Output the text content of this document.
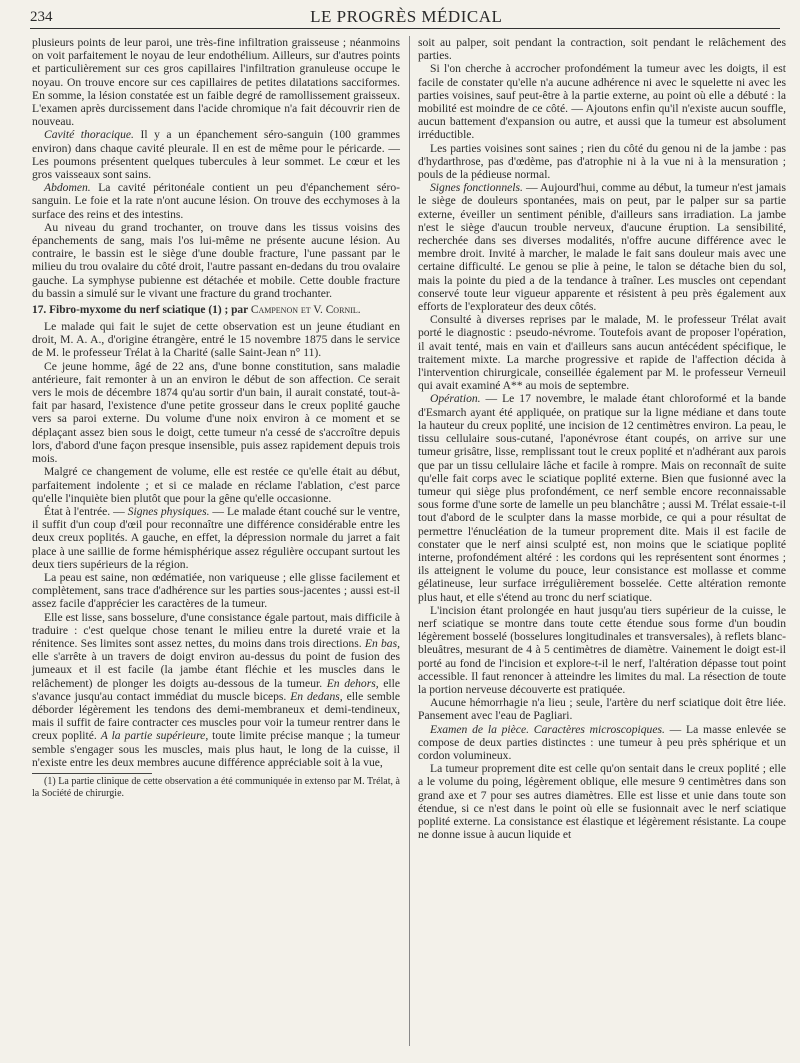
234	LE PROGRÈS MÉDICAL

plusieurs points de leur paroi, une très-fine infiltration graisseuse ; néanmoins on voit parfaitement le noyau de leur endothélium. Ailleurs, sur d'autres points et particulièrement sur ces gros capillaires l'infiltration granuleuse occupe le noyau. On trouve encore sur ces capillaires de petites dilatations sacciformes. En somme, la lésion constatée est un faible degré de ramollissement graisseux. L'examen après durcissement dans l'acide chromique n'a fait découvrir rien de nouveau.

Cavité thoracique. Il y a un épanchement séro-sanguin (100 grammes environ) dans chaque cavité pleurale. Il en est de même pour le péricarde. — Les poumons présentent quelques tubercules à leur sommet. Le cœur et les gros vaisseaux sont sains.

Abdomen. La cavité péritonéale contient un peu d'épanchement séro-sanguin. Le foie et la rate n'ont aucune lésion. On trouve des ecchymoses à la surface des reins et des intestins.

Au niveau du grand trochanter, on trouve dans les tissus voisins des épanchements de sang, mais l'os lui-même ne présente aucune lésion. Au contraire, le bassin est le siège d'une double fracture, l'une passant par le milieu du trou ovalaire du côté droit, l'autre passant en-dedans du trou ovalaire gauche. La symphyse pubienne est détachée et mobile. Cette double fracture du bassin a simulé sur le vivant une fracture du grand trochanter.

17. Fibro-myxome du nerf sciatique (1) ; par Campenon et V. Cornil.

Le malade qui fait le sujet de cette observation est un jeune étudiant en droit, M. A. A., d'origine étrangère, entré le 15 novembre 1875 dans le service de M. le professeur Trélat à la Charité (salle Saint-Jean n° 11).

Ce jeune homme, âgé de 22 ans, d'une bonne constitution, sans maladie antérieure, fait remonter à un an environ le début de son affection. Ce serait vers le mois de décembre 1874 qu'au sortir d'un bain, il aurait constaté, tout-à-fait par hasard, l'existence d'une petite grosseur dans le creux poplité gauche vers sa paroi externe. Du volume d'une noix environ à ce moment et se déplaçant assez bien sous le doigt, cette tumeur n'a cessé de s'accroître depuis lors, d'abord d'une façon presque insensible, puis assez rapidement depuis trois mois.

Malgré ce changement de volume, elle est restée ce qu'elle était au début, parfaitement indolente ; et si ce malade en réclame l'ablation, c'est parce qu'elle l'inquiète bien plutôt que pour la gêne qu'elle occasionne.

État à l'entrée. — Signes physiques. — Le malade étant couché sur le ventre, il suffit d'un coup d'œil pour reconnaître une différence considérable entre les deux creux poplités. A gauche, en effet, la dépression normale du jarret a fait place à une saillie de forme hémisphérique assez régulière occupant surtout les deux tiers supérieurs de la région.

La peau est saine, non œdématiée, non variqueuse ; elle glisse facilement et complètement, sans trace d'adhérence sur les parties sous-jacentes ; aussi est-il assez facile d'apprécier les caractères de la tumeur.

Elle est lisse, sans bosselure, d'une consistance égale partout, mais difficile à traduire : c'est quelque chose tenant le milieu entre la dureté vraie et la rénitence. Ses limites sont assez nettes, du moins dans trois directions. En bas, elle s'arrête à un travers de doigt environ au-dessus du point de fusion des jumeaux et il est facile (la jambe étant fléchie et les muscles dans le relâchement) de plonger les doigts au-dessous de la tumeur. En dehors, elle s'avance jusqu'au contact immédiat du muscle biceps. En dedans, elle semble déborder légèrement les tendons des demi-membraneux et demi-tendineux, mais il suffit de faire contracter ces muscles pour voir la tumeur rentrer dans le creux poplité. A la partie supérieure, toute limite précise manque ; la tumeur semble s'engager sous les muscles, mais plus haut, le long de la cuisse, il n'existe entre les deux membres aucune différence appréciable soit à la vue,

(1) La partie clinique de cette observation a été communiquée in extenso par M. Trélat, à la Société de chirurgie.

soit au palper, soit pendant la contraction, soit pendant le relâchement des parties.

Si l'on cherche à accrocher profondément la tumeur avec les doigts, il est facile de constater qu'elle n'a aucune adhérence ni avec le squelette ni avec les parties voisines, sauf peut-être à la partie externe, au point où elle a débuté : la mobilité est moindre de ce côté. — Ajoutons enfin qu'il n'existe aucun souffle, aucun battement d'expansion ou autre, et aussi que la tumeur est absolument irréductible.

Les parties voisines sont saines ; rien du côté du genou ni de la jambe : pas d'hydarthrose, pas d'œdème, pas d'atrophie ni à la vue ni à la mensuration ; pouls de la pédieuse normal.

Signes fonctionnels. — Aujourd'hui, comme au début, la tumeur n'est jamais le siège de douleurs spontanées, mais on peut, par le palper sur sa partie externe, éveiller un sentiment pénible, d'ailleurs sans irradiation. La jambe n'est le siège d'aucun trouble nerveux, d'aucune éruption. La sensibilité, recherchée dans ses diverses modalités, n'offre aucune différence avec le membre droit. Invité à marcher, le malade le fait sans douleur mais avec une certaine difficulté. Le genou se plie à peine, le talon se détache bien du sol, mais la pointe du pied a de la tendance à traîner. Les muscles ont cependant conservé toute leur vigueur apparente et résistent à peu près également aux efforts de l'explorateur des deux côtés.

Consulté à diverses reprises par le malade, M. le professeur Trélat avait porté le diagnostic : pseudo-névrome. Toutefois avant de proposer l'opération, il avait tenté, mais en vain et d'ailleurs sans aucun antécédent spécifique, le traitement mixte. La marche progressive et rapide de l'affection décida à l'intervention chirurgicale, conseillée également par M. le professeur Verneuil qui avait examiné A** au mois de septembre.

Opération. — Le 17 novembre, le malade étant chloroformé et la bande d'Esmarch ayant été appliquée, on pratique sur la ligne médiane et dans toute la hauteur du creux poplité, une incision de 12 centimètres environ. La peau, le tissu cellulaire sous-cutané, l'aponévrose étant coupés, on arrive sur une tumeur grisâtre, lisse, remplissant tout le creux poplité et n'adhérant aux parois que par un tissu cellulaire lâche et facile à rompre. Mais on reconnaît de suite qu'elle fait corps avec le sciatique poplité externe. Bien que fusionné avec la tumeur qui siège plus profondément, ce nerf semble encore reconnaissable sous forme d'une sorte de lamelle un peu blanchâtre ; aussi M. Trélat essaie-t-il tout d'abord de le sculpter dans la masse morbide, ce qui a pour résultat de permettre l'énucléation de la tumeur proprement dite. Mais il est facile de constater que le nerf ainsi sculpté est, non moins que le sciatique poplité interne, profondément altéré : les cordons qui les représentent sont énormes ; ils atteignent le volume du pouce, leur consistance est mollasse et comme gélatineuse, leur surface irrégulièrement bosselée. Cette altération remonte plus haut, et elle s'étend au tronc du nerf sciatique.

L'incision étant prolongée en haut jusqu'au tiers supérieur de la cuisse, le nerf sciatique se montre dans toute cette étendue sous forme d'un boudin légèrement bosselé (bosselures longitudinales et transversales), à reflets blanc-bleuâtres, mesurant de 4 à 5 centimètres de diamètre. Vainement le doigt est-il porté au fond de l'incision et explore-t-il le nerf, l'altération dépasse tout point accessible. Il faut renoncer à atteindre les limites du mal. La résection de toute la portion nerveuse découverte est pratiquée.

Aucune hémorrhagie n'a lieu ; seule, l'artère du nerf sciatique doit être liée. Pansement avec l'eau de Pagliari.

Examen de la pièce. Caractères microscopiques. — La masse enlevée se compose de deux parties distinctes : une tumeur à peu près sphérique et un cordon volumineux.

La tumeur proprement dite est celle qu'on sentait dans le creux poplité ; elle a le volume du poing, légèrement oblique, elle mesure 9 centimètres dans son grand axe et 7 pour ses autres diamètres. Elle est lisse et unie dans toute son étendue, si ce n'est dans le point où elle se fusionnait avec le nerf sciatique poplité externe. La consistance est élastique et légèrement résistante. La coupe ne donne issue à aucun liquide et
